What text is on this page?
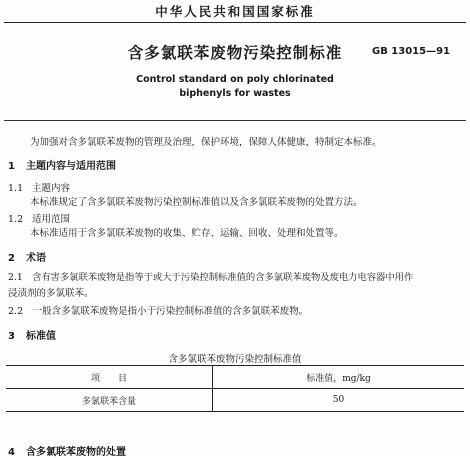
中华人民共和国国家标准
含多氯联苯废物污染控制标准	GB 13015—91
Control standard on poly chlorinated
biphenyls for wastes
为加强对含多氯联苯废物的管理及治理，保护环境，保障人体健康，特制定本标准。
1 主题内容与适用范围
1.1 主题内容
本标准规定了含多氯联苯废物污染控制标准值以及含多氯联苯废物的处置方法。
1.2 适用范围
本标准适用于含多氯联苯废物的收集、贮存、运输、回收、处理和处置等。
2 术语
2.1　含有害多氯联苯废物是指等于或大于污染控制标准值的含多氯联苯废物及废电力电容器中用作
浸渍剂的多氯联苯。
2.2　一般含多氯联苯废物是指小于污染控制标准值的含多氯联苯废物。
3 标准值
含多氯联苯废物污染控制标准值
项　　目	标准值，mg/kg
多氯联苯含量	50
4 含多氯联苯废物的处置
